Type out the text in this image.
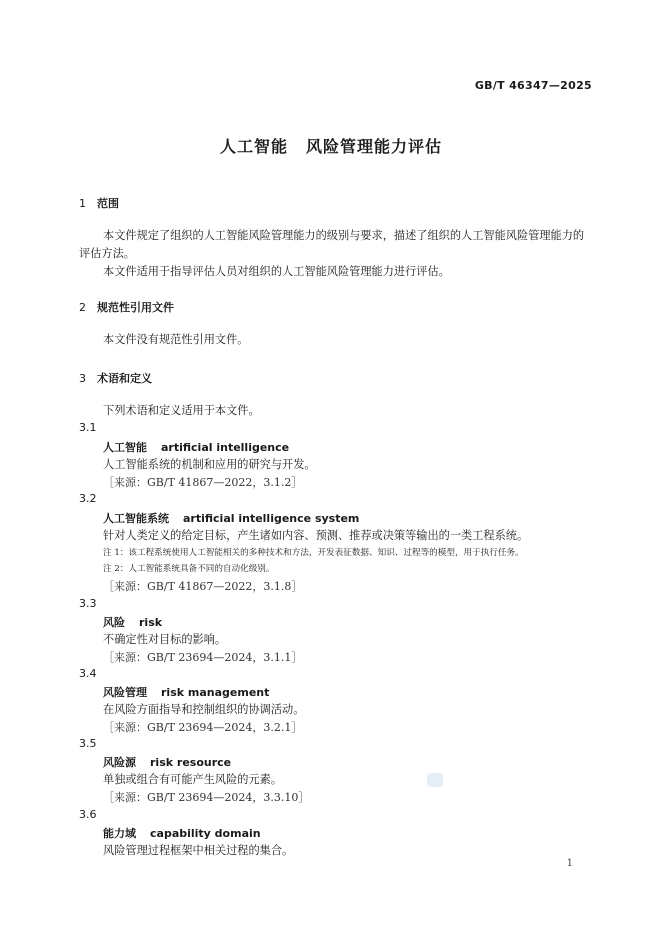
GB/T 46347—2025
人工智能 风险管理能力评估
1 范围
本文件规定了组织的人工智能风险管理能力的级别与要求，描述了组织的人工智能风险管理能力的评估方法。
本文件适用于指导评估人员对组织的人工智能风险管理能力进行评估。
2 规范性引用文件
本文件没有规范性引用文件。
3 术语和定义
下列术语和定义适用于本文件。
3.1
人工智能 artificial intelligence
人工智能系统的机制和应用的研究与开发。
［来源：GB/T 41867—2022，3.1.2］
3.2
人工智能系统 artificial intelligence system
针对人类定义的给定目标，产生诸如内容、预测、推荐或决策等输出的一类工程系统。
注 1：该工程系统使用人工智能相关的多种技术和方法，开发表征数据、知识、过程等的模型，用于执行任务。
注 2：人工智能系统具备不同的自动化级别。
［来源：GB/T 41867—2022，3.1.8］
3.3
风险 risk
不确定性对目标的影响。
［来源：GB/T 23694—2024，3.1.1］
3.4
风险管理 risk management
在风险方面指导和控制组织的协调活动。
［来源：GB/T 23694—2024，3.2.1］
3.5
风险源 risk resource
单独或组合有可能产生风险的元素。
［来源：GB/T 23694—2024，3.3.10］
3.6
能力域 capability domain
风险管理过程框架中相关过程的集合。
1
